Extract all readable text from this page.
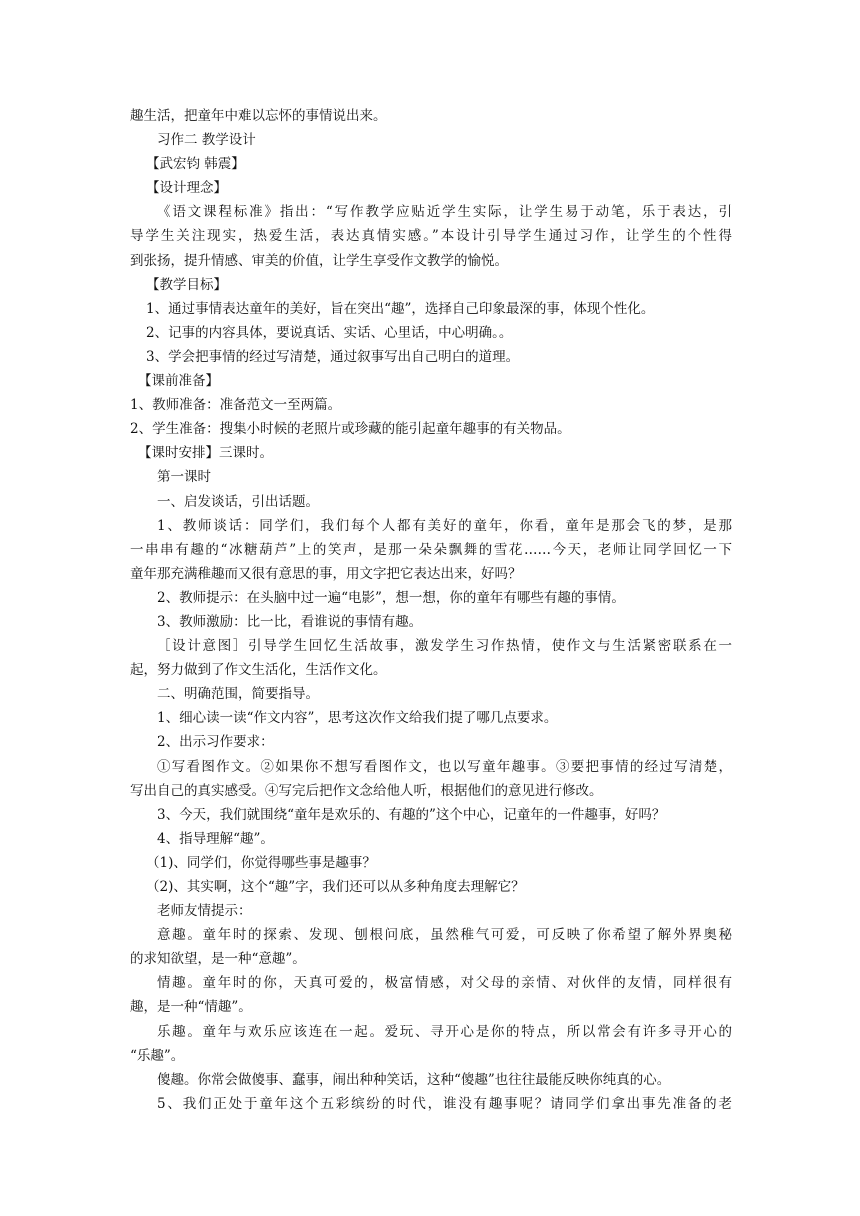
趣生活，把童年中难以忘怀的事情说出来。
习作二 教学设计
【武宏钧 韩震】
【设计理念】
《语文课程标准》指出：“写作教学应贴近学生实际，让学生易于动笔，乐于表达，引
导学生关注现实，热爱生活，表达真情实感。”本设计引导学生通过习作，让学生的个性得
到张扬，提升情感、审美的价值，让学生享受作文教学的愉悦。
【教学目标】
1、通过事情表达童年的美好，旨在突出“趣”，选择自己印象最深的事，体现个性化。
2、记事的内容具体，要说真话、实话、心里话，中心明确。。
3、学会把事情的经过写清楚，通过叙事写出自己明白的道理。
【课前准备】
1、教师准备：准备范文一至两篇。
2、学生准备：搜集小时候的老照片或珍藏的能引起童年趣事的有关物品。
【课时安排】三课时。
第一课时
一、启发谈话，引出话题。
1、教师谈话：同学们，我们每个人都有美好的童年，你看，童年是那会飞的梦，是那
一串串有趣的“冰糖葫芦”上的笑声，是那一朵朵飘舞的雪花……今天，老师让同学回忆一下
童年那充满稚趣而又很有意思的事，用文字把它表达出来，好吗？
2、教师提示：在头脑中过一遍“电影”，想一想，你的童年有哪些有趣的事情。
3、教师激励：比一比，看谁说的事情有趣。
［设计意图］引导学生回忆生活故事，激发学生习作热情，使作文与生活紧密联系在一
起，努力做到了作文生活化，生活作文化。
二、明确范围，简要指导。
1、细心读一读“作文内容”，思考这次作文给我们提了哪几点要求。
2、出示习作要求：
①写看图作文。②如果你不想写看图作文，也以写童年趣事。③要把事情的经过写清楚，
写出自己的真实感受。④写完后把作文念给他人听，根据他们的意见进行修改。
3、今天，我们就围绕“童年是欢乐的、有趣的”这个中心，记童年的一件趣事，好吗？
4、指导理解“趣”。
（1)、同学们，你觉得哪些事是趣事？
（2)、其实啊，这个“趣”字，我们还可以从多种角度去理解它？
老师友情提示：
意趣。童年时的探索、发现、刨根问底，虽然稚气可爱，可反映了你希望了解外界奥秘
的求知欲望，是一种“意趣”。
情趣。童年时的你，天真可爱的，极富情感，对父母的亲情、对伙伴的友情，同样很有
趣，是一种“情趣”。
乐趣。童年与欢乐应该连在一起。爱玩、寻开心是你的特点，所以常会有许多寻开心的
“乐趣”。
傻趣。你常会做傻事、蠢事，闹出种种笑话，这种“傻趣”也往往最能反映你纯真的心。
5、我们正处于童年这个五彩缤纷的时代，谁没有趣事呢？请同学们拿出事先准备的老
